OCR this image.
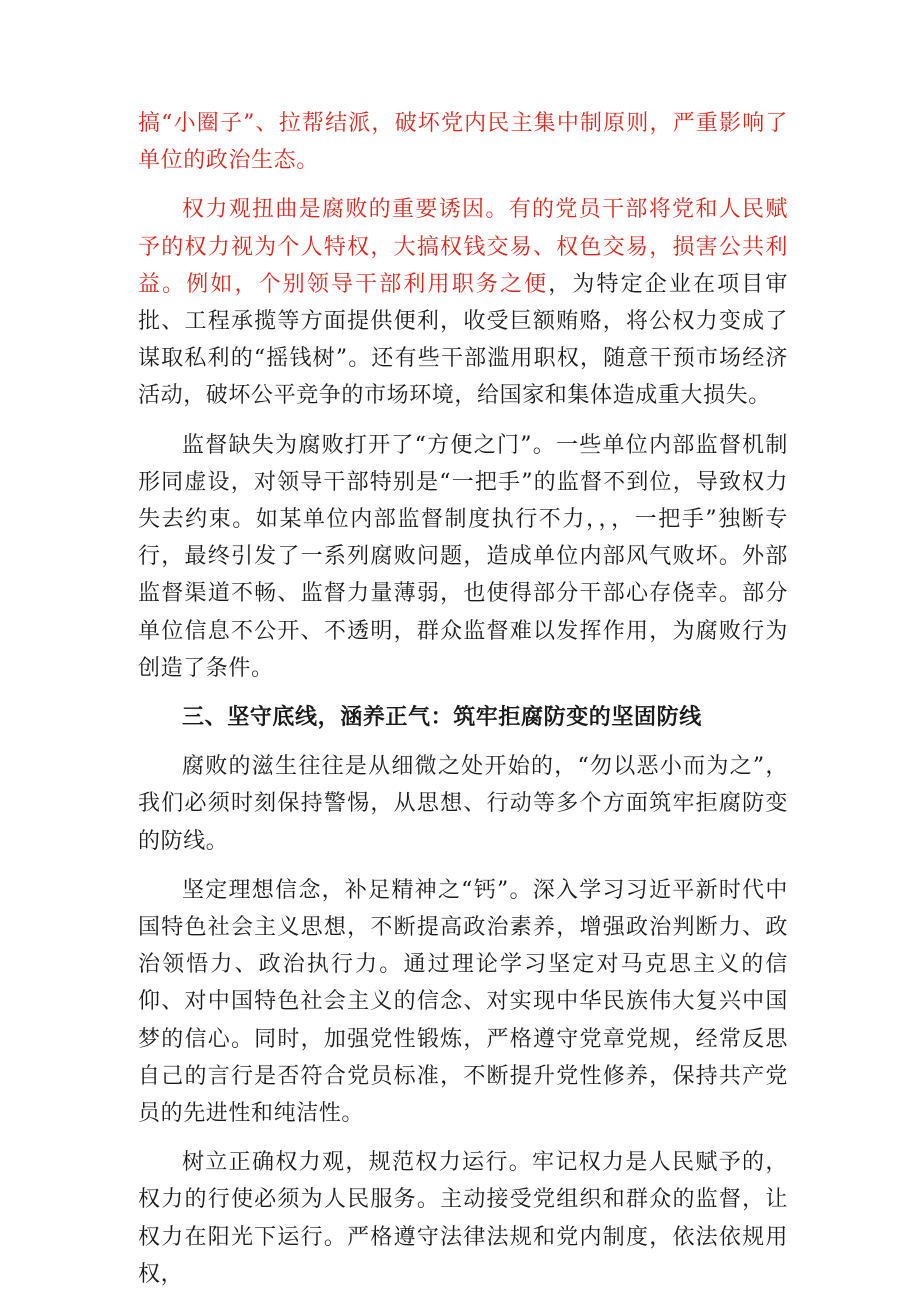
搞“小圈子”、拉帮结派，破坏党内民主集中制原则，严重影响了单位的政治生态。

权力观扭曲是腐败的重要诱因。有的党员干部将党和人民赋予的权力视为个人特权，大搞权钱交易、权色交易，损害公共利益。例如，个别领导干部利用职务之便，为特定企业在项目审批、工程承揽等方面提供便利，收受巨额贿赂，将公权力变成了谋取私利的“摇钱树”。还有些干部滥用职权，随意干预市场经济活动，破坏公平竞争的市场环境，给国家和集体造成重大损失。

监督缺失为腐败打开了“方便之门”。一些单位内部监督机制形同虚设，对领导干部特别是“一把手”的监督不到位，导致权力失去约束。如某单位内部监督制度执行不力，，，一把手”独断专行，最终引发了一系列腐败问题，造成单位内部风气败坏。外部监督渠道不畅、监督力量薄弱，也使得部分干部心存侥幸。部分单位信息不公开、不透明，群众监督难以发挥作用，为腐败行为创造了条件。

三、坚守底线，涵养正气：筑牢拒腐防变的坚固防线

腐败的滋生往往是从细微之处开始的，“勿以恶小而为之”，我们必须时刻保持警惕，从思想、行动等多个方面筑牢拒腐防变的防线。

坚定理想信念，补足精神之“钙”。深入学习习近平新时代中国特色社会主义思想，不断提高政治素养，增强政治判断力、政治领悟力、政治执行力。通过理论学习坚定对马克思主义的信仰、对中国特色社会主义的信念、对实现中华民族伟大复兴中国梦的信心。同时，加强党性锻炼，严格遵守党章党规，经常反思自己的言行是否符合党员标准，不断提升党性修养，保持共产党员的先进性和纯洁性。

树立正确权力观，规范权力运行。牢记权力是人民赋予的，权力的行使必须为人民服务。主动接受党组织和群众的监督，让权力在阳光下运行。严格遵守法律法规和党内制度，依法依规用权，
